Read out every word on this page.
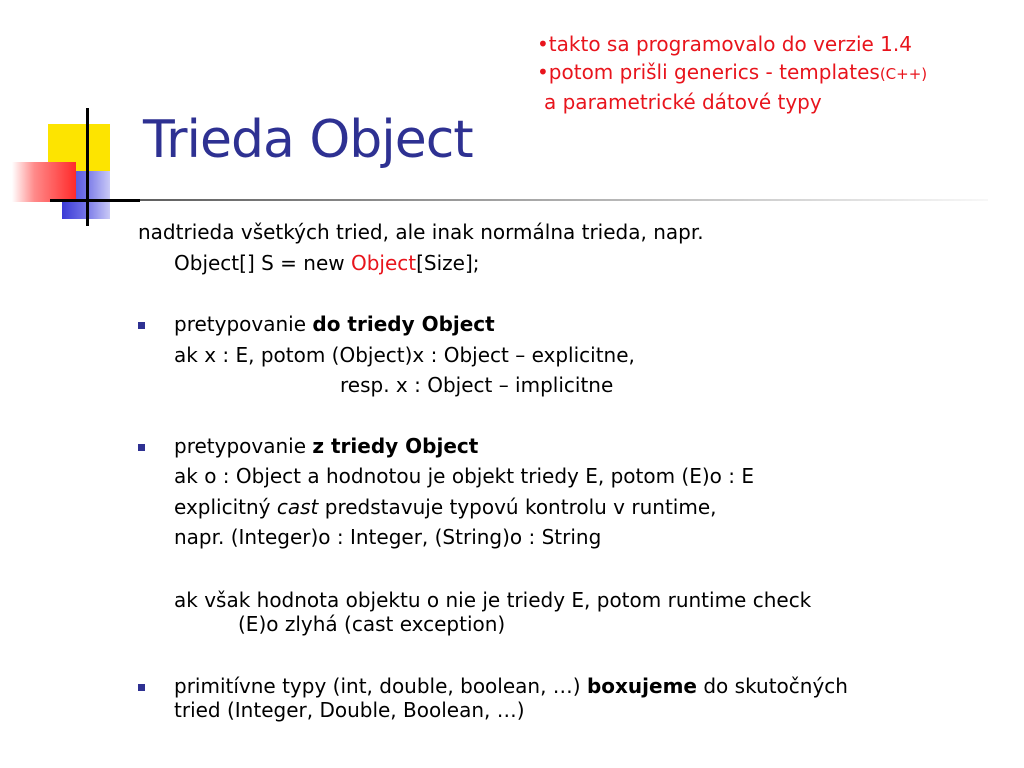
Trieda Object
•takto sa programovalo do verzie 1.4
•potom prišli generics - templates(C++)
a parametrické dátové typy
nadtrieda všetkých tried, ale inak normálna trieda, napr.
Object[] S = new Object[Size];
pretypovanie do triedy Object
ak x : E, potom (Object)x : Object – explicitne,
resp. x : Object – implicitne
pretypovanie z triedy Object
ak o : Object a hodnotou je objekt triedy E, potom (E)o : E
explicitný cast predstavuje typovú kontrolu v runtime,
napr. (Integer)o : Integer, (String)o : String
ak však hodnota objektu o nie je triedy E, potom runtime check
(E)o zlyhá (cast exception)
primitívne typy (int, double, boolean, …) boxujeme do skutočných
tried (Integer, Double, Boolean, …)
